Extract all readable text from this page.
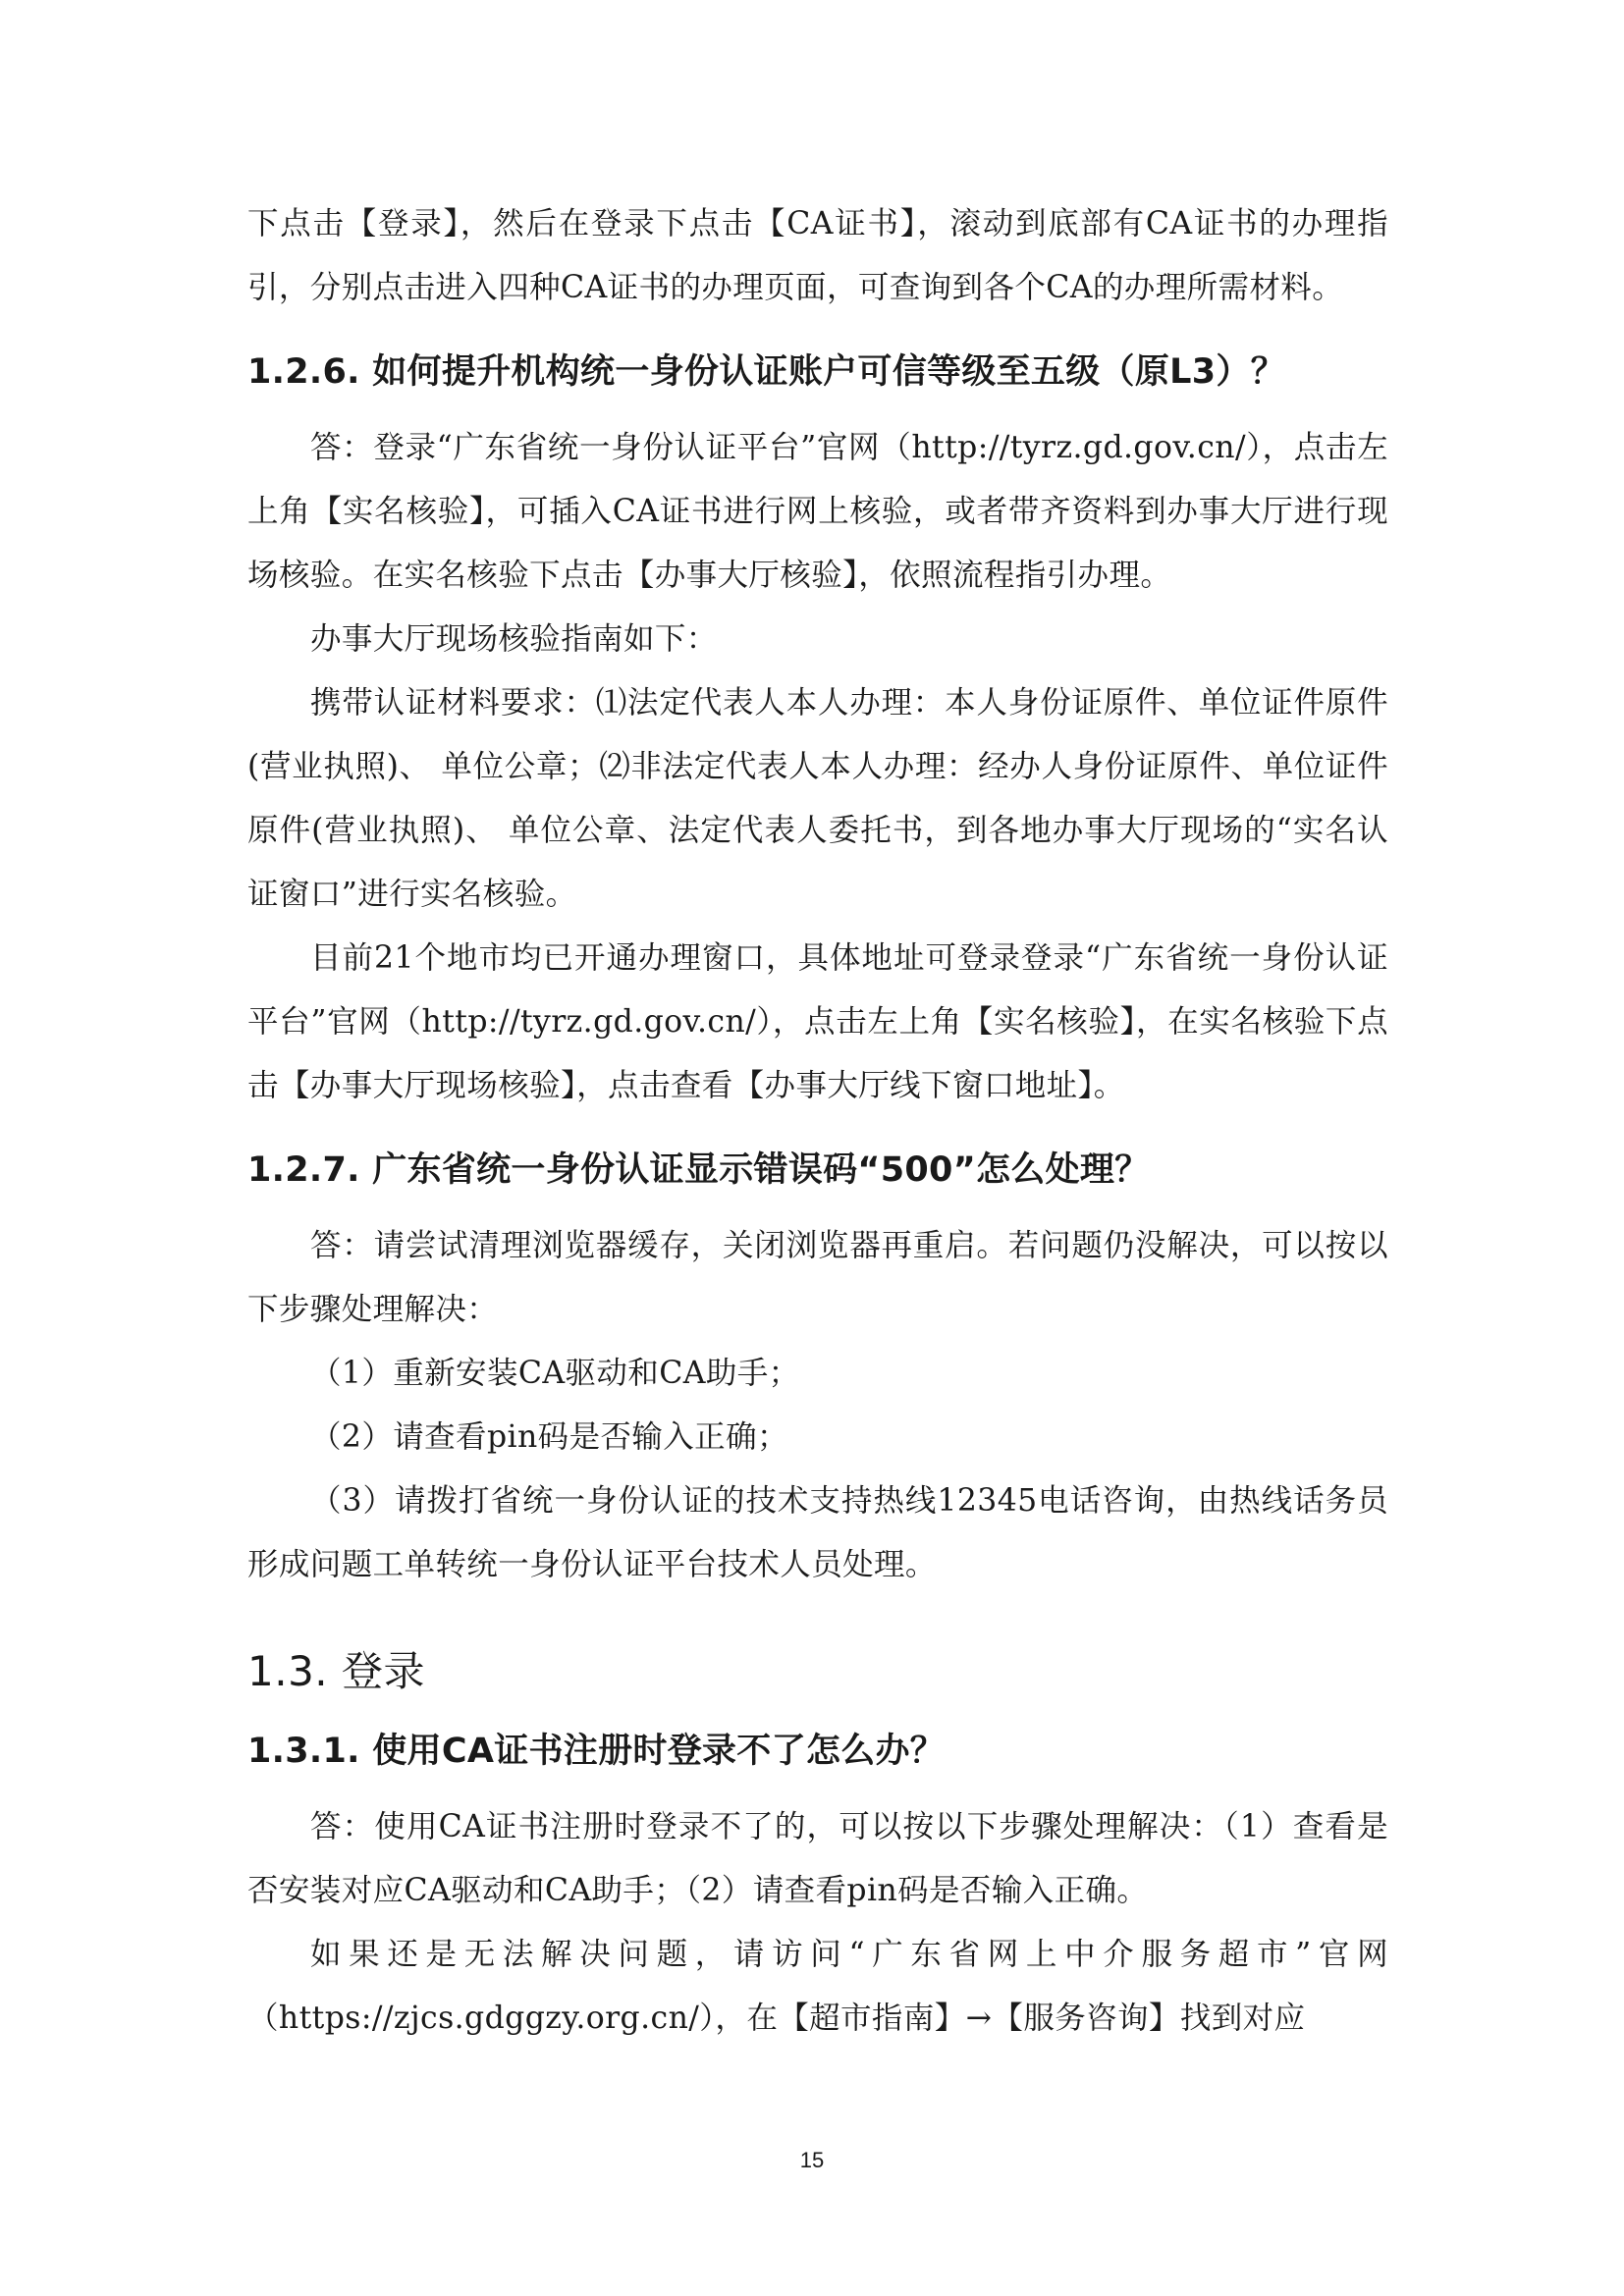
下点击【登录】，然后在登录下点击【CA证书】，滚动到底部有CA证书的办理指引，分别点击进入四种CA证书的办理页面，可查询到各个CA的办理所需材料。

1.2.6. 如何提升机构统一身份认证账户可信等级至五级（原L3）？

答：登录“广东省统一身份认证平台”官网（http://tyrz.gd.gov.cn/），点击左上角【实名核验】，可插入CA证书进行网上核验，或者带齐资料到办事大厅进行现场核验。在实名核验下点击【办事大厅核验】，依照流程指引办理。

办事大厅现场核验指南如下：

携带认证材料要求：⑴法定代表人本人办理：本人身份证原件、单位证件原件(营业执照)、 单位公章；⑵非法定代表人本人办理：经办人身份证原件、单位证件原件(营业执照)、 单位公章、法定代表人委托书，到各地办事大厅现场的“实名认证窗口”进行实名核验。

目前21个地市均已开通办理窗口，具体地址可登录登录“广东省统一身份认证平台”官网（http://tyrz.gd.gov.cn/），点击左上角【实名核验】，在实名核验下点击【办事大厅现场核验】，点击查看【办事大厅线下窗口地址】。

1.2.7. 广东省统一身份认证显示错误码“500”怎么处理？

答：请尝试清理浏览器缓存，关闭浏览器再重启。若问题仍没解决，可以按以下步骤处理解决：

（1）重新安装CA驱动和CA助手；

（2）请查看pin码是否输入正确；

（3）请拨打省统一身份认证的技术支持热线12345电话咨询，由热线话务员形成问题工单转统一身份认证平台技术人员处理。

1.3. 登录
1.3.1. 使用CA证书注册时登录不了怎么办？

答：使用CA证书注册时登录不了的，可以按以下步骤处理解决：（1）查看是否安装对应CA驱动和CA助手；（2）请查看pin码是否输入正确。

如果还是无法解决问题，请访问“广东省网上中介服务超市”官网（https://zjcs.gdggzy.org.cn/），在【超市指南】→【服务咨询】找到对应

15
